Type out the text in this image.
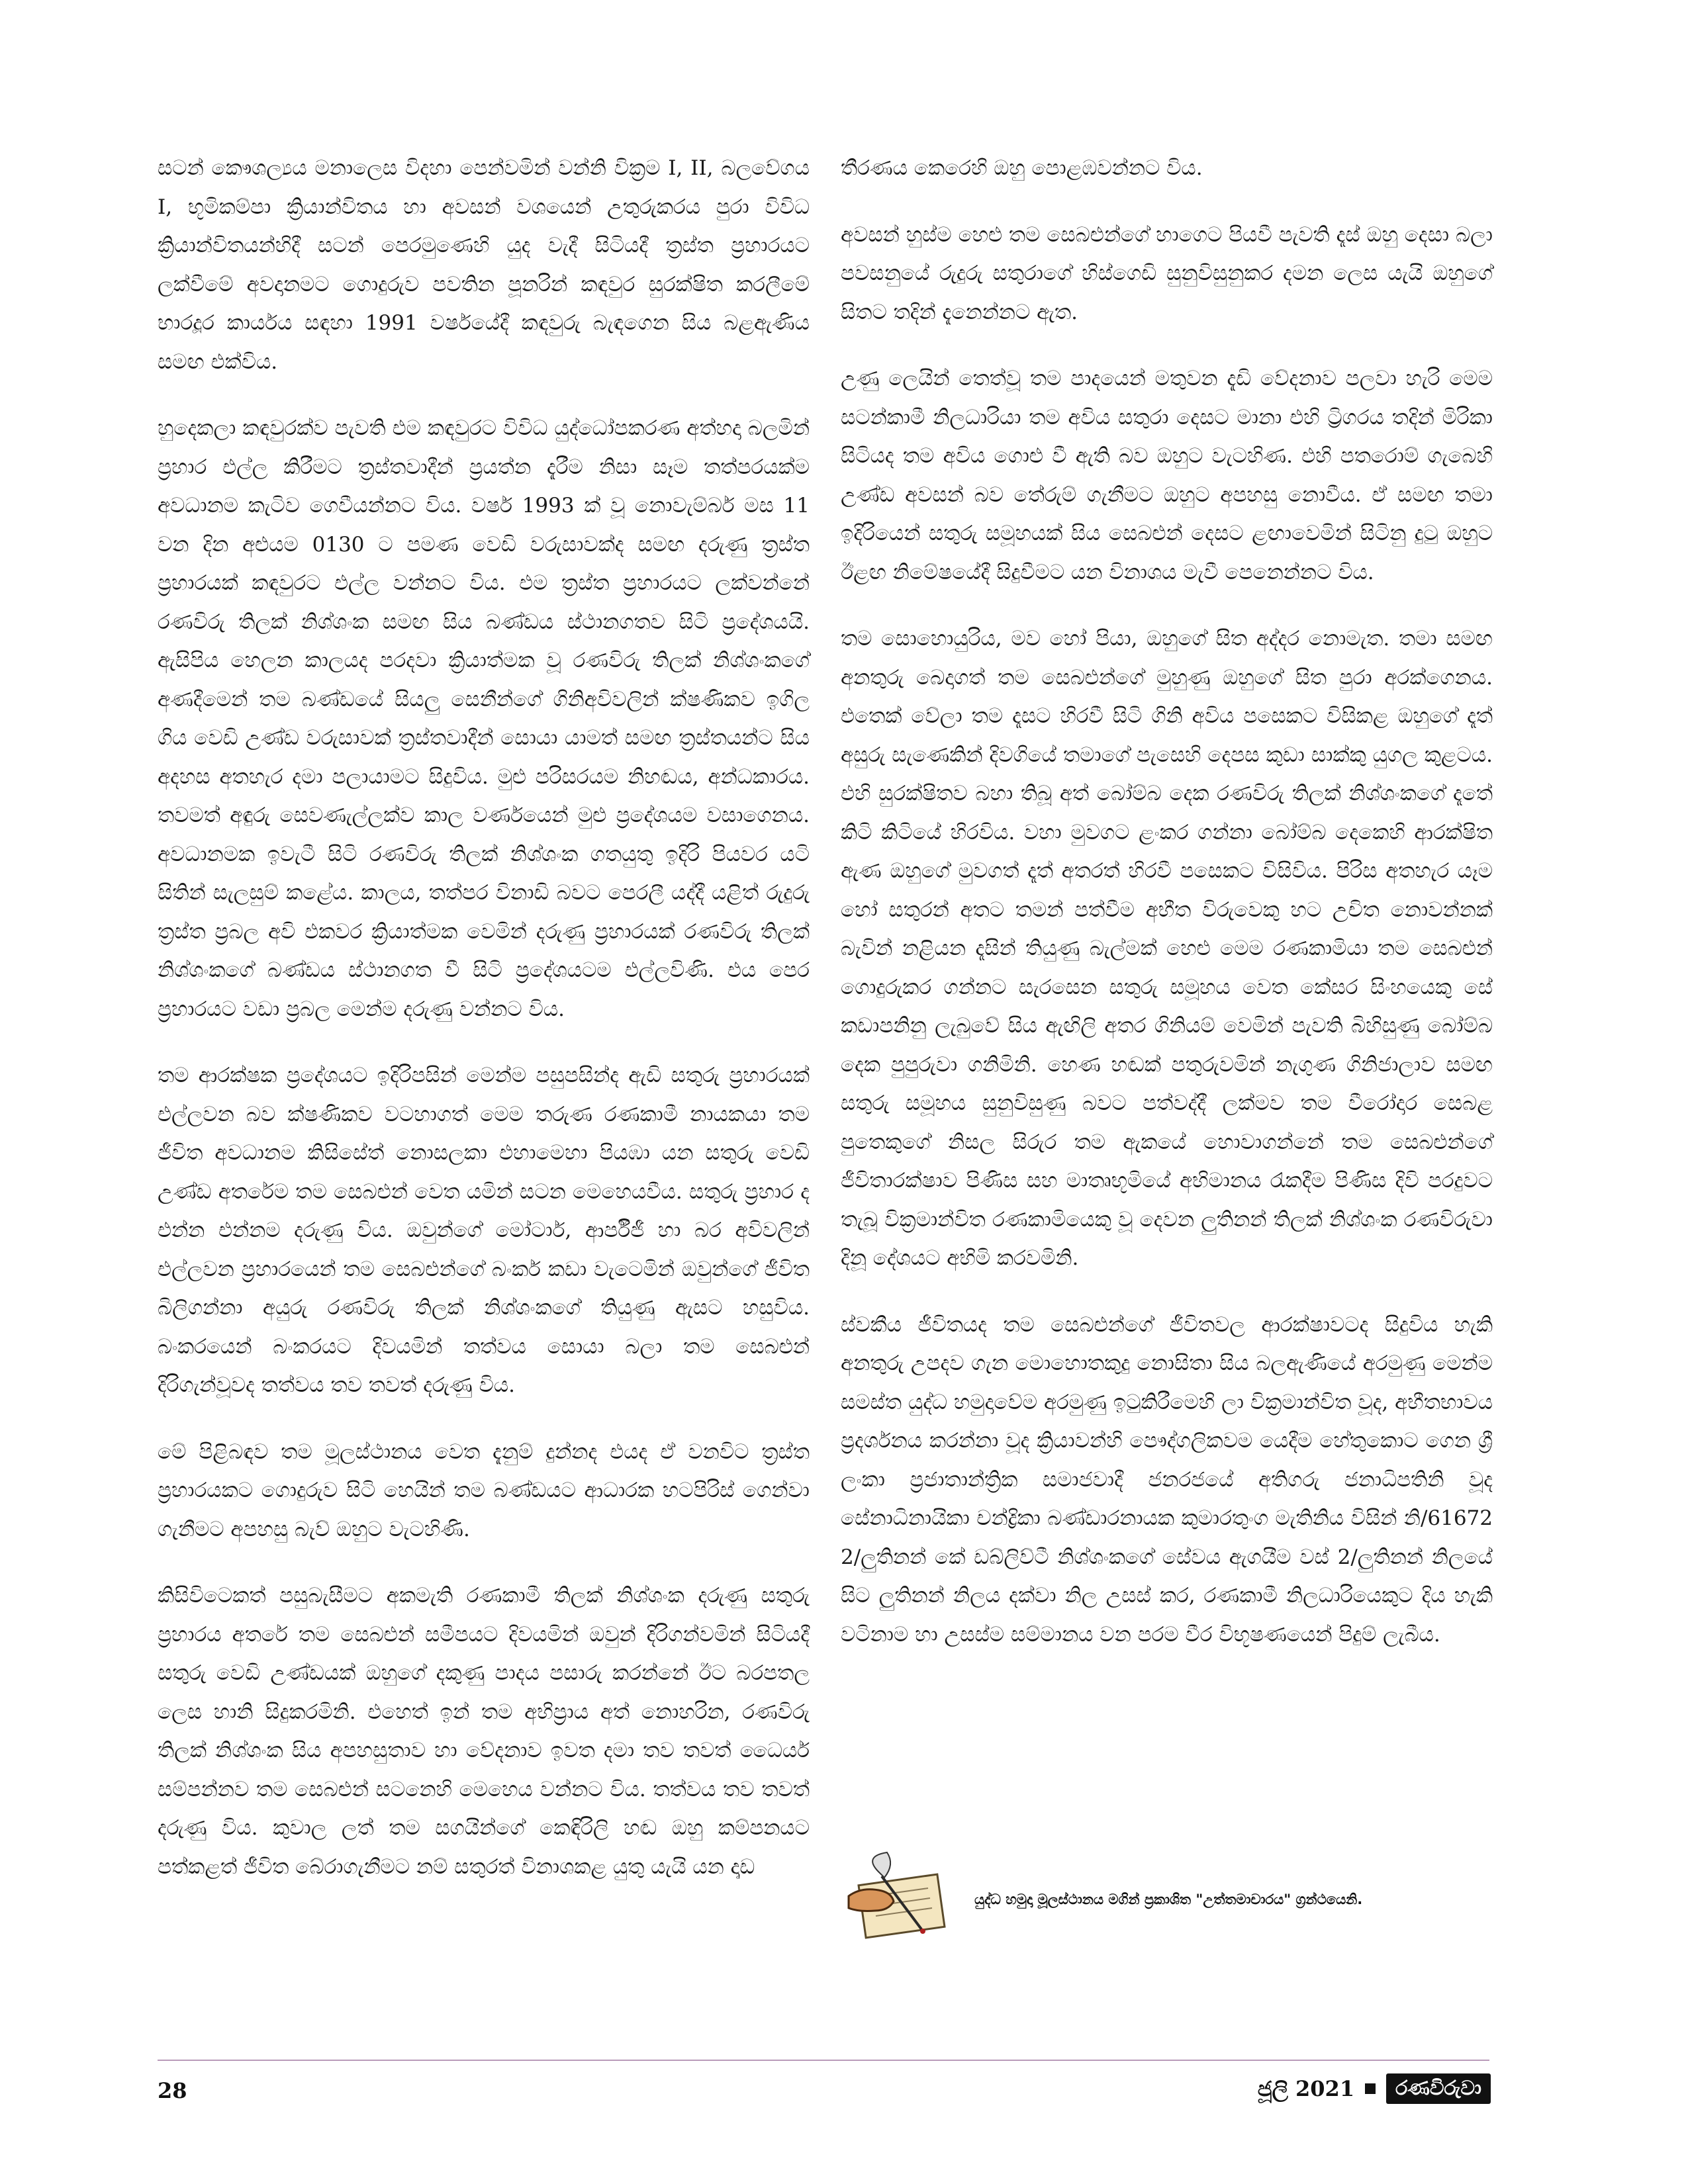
සටන් කෞශල්‍යය මනාලෙස විදහා පෙන්වමින් වන්නි වික්‍රම I, II, බලවේගය I, භූමිකම්පා ක්‍රියාන්විතය හා අවසන් වශයෙන් උතුරුකරය පුරා විවිධ ක්‍රියාන්විතයන්හිදී සටන් පෙරමුණෙහි යුද වැදී සිටියදී ත්‍රස්ත ප්‍රහාරයට ලක්වීමේ අවදානමට ගොදුරුව පවතින පූනරින් කඳවුර සුරක්ෂිත කරලීමේ භාරදූර කාර්යය සඳහා 1991 වර්ෂයේදී කඳවුරු බැඳගෙන සිය බළඇණිය සමඟ එක්විය.

හුදෙකලා කඳවුරක්ව පැවති එම කඳවුරට විවිධ යුද්ධෝපකරණ අත්හදා බලමින් ප්‍රහාර එල්ල කිරීමට ත්‍රස්තවාදීන් ප්‍රයත්න දැරීම නිසා සෑම තත්පරයක්ම අවධානම කැටිව ගෙවීයන්නට විය. වර්ෂ 1993 ක් වූ නොවැම්බර් මස 11 වන දින අළුයම 0130 ට පමණ වෙඩි වරුසාවක්ද සමඟ දරුණු ත්‍රස්ත ප්‍රහාරයක් කඳවුරට එල්ල වන්නට විය. එම ත්‍රස්ත ප්‍රහාරයට ලක්වන්නේ රණවිරු තිලක් නිශ්ශංක සමඟ සිය බණ්ඩය ස්ථානගතව සිටි ප්‍රදේශයයි. ඇසිපිය හෙලන කාලයද පරදවා ක්‍රියාත්මක වූ රණවිරු තිලක් නිශ්ශංකගේ අණදීමෙන් තම බණ්ඩයේ සියලු සෙනීන්ගේ ගිනිඅවිවලින් ක්ෂණිකව ඉගිල ගිය වෙඩි උණ්ඩ වරුසාවක් ත්‍රස්තවාදීන් සොයා යාමත් සමඟ ත්‍රස්තයන්ට සිය අදහස අතහැර දමා පලායාමට සිදුවිය. මුළු පරිසරයම නිහඬය, අන්ධකාරය. තවමත් අඳුරු සෙවණැල්ලක්ව කාල වර්ණයෙන් මුළු ප්‍රදේශයම වසාගෙනය. අවධානමක ඉවැටී සිටි රණවිරු තිලක් නිශ්ශංක ගතයුතු ඉදිරි පියවර යටි සිතින් සැලසුම් කළේය. කාලය, තත්පර විනාඩි බවට පෙරලී යද්දී යළිත් රුදුරු ත්‍රස්ත ප්‍රබල අවි එකවර ක්‍රියාත්මක වෙමින් දරුණු ප්‍රහාරයක් රණවිරු තිලක් නිශ්ශංකගේ බණ්ඩය ස්ථානගත වී සිටි ප්‍රදේශයටම එල්ලවිණි. එය පෙර ප්‍රහාරයට වඩා ප්‍රබල මෙන්ම දරුණු වන්නට විය.

තම ආරක්ෂක ප්‍රදේශයට ඉදිරිපසින් මෙන්ම පසුපසින්ද ඇඩි සතුරු ප්‍රහාරයක් එල්ලවන බව ක්ෂණිකව වටහාගත් මෙම තරුණ රණකාමී නායකයා තම ජීවිත අවධානම කිසිසේත් නොසලකා එහාමෙහා පියඹා යන සතුරු වෙඩි උණ්ඩ අතරේම තම සෙබළුන් වෙත යමින් සටන මෙහෙයවීය. සතුරු ප්‍රහාර ද එන්න එන්නම දරුණු විය. ඔවුන්ගේ මෝටාර්, ආර්පීජී හා බර අවිවලින් එල්ලවන ප්‍රහාරයෙන් තම සෙබළුන්ගේ බංකර් කඩා වැටෙමින් ඔවුන්ගේ ජීවිත බිලිගන්නා අයුරු රණවිරු තිලක් නිශ්ශංකගේ තියුණු ඇසට හසුවිය. බංකරයෙන් බංකරයට දිවයමින් තත්වය සොයා බලා තම සෙබළුන් දිරිගැන්වූවද තත්වය තව තවත් දරුණු විය.

මේ පිළිබඳව තම මූලස්ථානය වෙත දැනුම් දුන්නද එයද ඒ වනවිට ත්‍රස්ත ප්‍රහාරයකට ගොදුරුව සිටි හෙයින් තම බණ්ඩයට ආධාරක හටපිරිස් ගෙන්වා ගැනීමට අපහසු බැව් ඔහුට වැටහිණි.

කිසිවිටෙකත් පසුබැසීමට අකමැති රණකාමී තිලක් නිශ්ශංක දරුණු සතුරු ප්‍රහාරය අතරේ තම සෙබළුන් සමීපයට දිවයමින් ඔවුන් දිරිගන්වමින් සිටියදී සතුරු වෙඩි උණ්ඩයක් ඔහුගේ දකුණු පාදය පසාරු කරන්නේ ඊට බරපතල ලෙස හානි සිදුකරමිනි. එහෙත් ඉන් තම අභිප්‍රාය අත් නොහරින, රණවිරු තිලක් නිශ්ශංක සිය අපහසුතාව හා වේදනාව ඉවත දමා තව තවත් ධෛර්ය සම්පන්නව තම සෙබළුන් සටනෙහි මෙහෙය වන්නට විය. තත්වය තව තවත් දරුණු විය. කුවාල ලත් තම සගයින්ගේ කෙඳිරිලි හඬ ඔහු කම්පනයට පත්කළත් ජීවිත බේරාගැනීමට නම් සතුරත් විනාශකළ යුතු යැයි යන දෘඩ

තීරණය කෙරෙහි ඔහු පොළඹවන්නට විය.

අවසන් හුස්ම හෙළු තම සෙබළුන්ගේ හාගෙට පියවී පැවති දෑස් ඔහු දෙසා බලා පවසනුයේ රුදුරු සතුරාගේ හිස්ගෙඩි සුනුවිසුනුකර දමන ලෙස යැයි ඔහුගේ සිතට තදින් දැනෙන්නට ඇත.

උණු ලෙයින් තෙත්වූ තම පාදයෙන් මතුවන දැඩි වේදනාව පලවා හැරි මෙම සටන්කාමී නිලධාරියා තම අවිය සතුරා දෙසට මානා එහි ට්‍රිගරය තදින් මිරිකා සිටියද තම අවිය ගොළු වී ඇති බව ඔහුට වැටහිණ. එහි පතරොම් ගැබෙහි උණ්ඩ අවසන් බව තේරුම් ගැනීමට ඔහුට අපහසු නොවීය. ඒ සමඟ තමා ඉදිරියෙන් සතුරු සමූහයක් සිය සෙබළුන් දෙසට ළඟාවෙමින් සිටිනු දුටු ඔහුට ඊළඟ නිමේෂයේදී සිදුවීමට යන විනාශය මැවී පෙනෙන්නට විය.

තම සොහොයුරිය, මව හෝ පියා, ඔහුගේ සිත අද්දර නොමැත. තමා සමඟ අනතුරු බෙදාගත් තම සෙබළුන්ගේ මුහුණු ඔහුගේ සිත පුරා අරක්ගෙනය. එතෙක් වේලා තම දෑසට හිරවී සිටි ගිනි අවිය පසෙකට විසිකළ ඔහුගේ දෑත් අසුරු සැණෙකින් දිවගියේ තමාගේ පැසෙහි දෙපස කුඩා සාක්කු යුගල කුළටය. එහි සුරක්ෂිතව බහා තිබූ අත් බෝම්බ දෙක රණවිරු තිලක් නිශ්ශංකගේ දෑතේ කිටි කිටියේ හිරවිය. වහා මුවගට ළංකර ගන්නා බෝම්බ දෙකෙහි ආරක්ෂිත ඇණ ඔහුගේ මුවගත් දෑත් අතරත් හිරවී පසෙකට විසිවිය. පිරිස අතහැර යෑම හෝ සතුරන් අතට තමන් පත්වීම අභීත විරුවෙකු හට උචිත නොවන්නක් බැවින් නළියන දෑසින් තියුණු බැල්මක් හෙළු මෙම රණකාමියා තම සෙබළුන් ගොදුරුකර ගන්නට සැරසෙන සතුරු සමූහය වෙත කේසර සිංහයෙකු සේ කඩාපනිනු ලැබුවේ සිය ඇඟිලි අතර ගිනියම් වෙමින් පැවති බිහිසුණු බෝම්බ දෙක පුපුරුවා ගනිමිනි. හෙණ හඬක් පතුරුවමින් නැගුණ ගිනිජාලාව සමඟ සතුරු සමූහය සුනුවිසුණු බවට පත්වද්දී ලක්මව තම වීරෝදාර සෙබළ පුතෙකුගේ නිසල සිරුර තම ඇකයේ හොවාගන්නේ තම සෙබළුන්ගේ ජීවිතාරක්ෂාව පිණිස සහ මාතෘභූමියේ අභිමානය රැකදීම පිණිස දිවි පරදුවට තැබූ වික්‍රමාන්විත රණකාමියෙකු වූ දෙවන ලුතිනන් තිලක් නිශ්ශංක රණවිරුවා දිනූ දේශයට අභිමි කරවමිනි.

ස්වකීය ජීවිතයද තම සෙබළුන්ගේ ජීවිතවල ආරක්ෂාවටද සිදුවිය හැකි අනතුරු උපදව ගැන මොහොතකුදු නොසිතා සිය බලඇණියේ අරමුණු මෙන්ම සමස්ත යුද්ධ හමුදාවේම අරමුණු ඉටුකිරීමෙහි ලා වික්‍රමාන්විත වූද, අභීතභාවය ප්‍රදර්ශනය කරන්නා වූද ක්‍රියාවන්හි පෞද්ගලිකවම යෙදීම හේතුකොට ගෙන ශ්‍රී ලංකා ප්‍රජාතාන්ත්‍රික සමාජවාදී ජනරජයේ අතිගරු ජනාධිපතිනි වූද සේනාධිනායිකා චන්ද්‍රිකා බණ්ඩාරනායක කුමාරතුංග මැතිනිය විසින් නි/61672 2/ලුතිනන් කේ ඩබ්ලිව්ටී නිශ්ශංකගේ සේවය ඇගයීම වස් 2/ලුතිනන් නිලයේ සිට ලුතිනන් නිලය දක්වා නිල උසස් කර, රණකාමී නිලධාරියෙකුට දිය හැකි වටිනාම හා උසස්ම සම්මානය වන පරම වීර විභූෂණයෙන් පිදුම් ලැබීය.

යුද්ධ හමුදා මූලස්ථානය මගින් ප්‍රකාශිත "උත්තමාචාරය" ග්‍රන්ථයෙනි.
28	ජූලි 2021	රණවිරුවා
